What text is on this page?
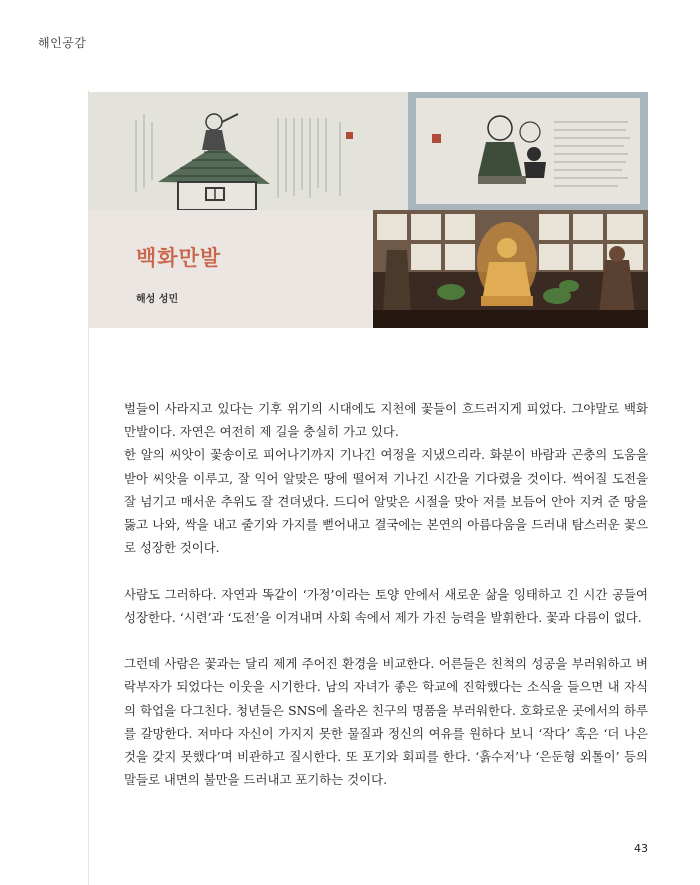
해인공감
백화만발
해성 성민

벌들이 사라지고 있다는 기후 위기의 시대에도 지천에 꽃들이 흐드러지게 피었다. 그야말로 백화만발이다. 자연은 여전히 제 길을 충실히 가고 있다.
한 알의 씨앗이 꽃송이로 피어나기까지 기나긴 여정을 지냈으리라. 화분이 바람과 곤충의 도움을 받아 씨앗을 이루고, 잘 익어 알맞은 땅에 떨어져 기나긴 시간을 기다렸을 것이다. 썩어질 도전을 잘 넘기고 매서운 추위도 잘 견뎌냈다. 드디어 알맞은 시절을 맞아 저를 보듬어 안아 지켜 준 땅을 뚫고 나와, 싹을 내고 줄기와 가지를 뻗어내고 결국에는 본연의 아름다움을 드러내 탐스러운 꽃으로 성장한 것이다.

사람도 그러하다. 자연과 똑같이 ‘가정’이라는 토양 안에서 새로운 삶을 잉태하고 긴 시간 공들여 성장한다. ‘시련’과 ‘도전’을 이겨내며 사회 속에서 제가 가진 능력을 발휘한다. 꽃과 다름이 없다.

그런데 사람은 꽃과는 달리 제게 주어진 환경을 비교한다. 어른들은 친척의 성공을 부러워하고 벼락부자가 되었다는 이웃을 시기한다. 남의 자녀가 좋은 학교에 진학했다는 소식을 들으면 내 자식의 학업을 다그친다. 청년들은 SNS에 올라온 친구의 명품을 부러워한다. 호화로운 곳에서의 하루를 갈망한다. 저마다 자신이 가지지 못한 물질과 정신의 여유를 원하다 보니 ‘작다’ 혹은 ‘더 나은 것을 갖지 못했다’며 비관하고 질시한다. 또 포기와 회피를 한다. ‘흙수저’나 ‘은둔형 외톨이’ 등의 말들로 내면의 불만을 드러내고 포기하는 것이다.

43
